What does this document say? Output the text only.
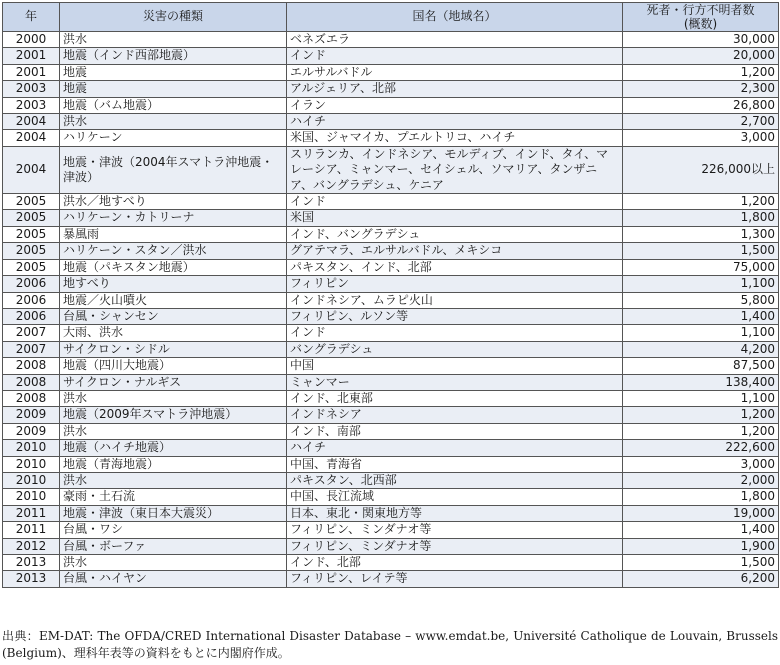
年	災害の種類	国名（地域名）	死者・行方不明者数
(概数)

2000	洪水	ベネズエラ	30,000
2001	地震（インド西部地震）	インド	20,000
2001	地震	エルサルバドル	1,200
2003	地震	アルジェリア、北部	2,300
2003	地震（バム地震）	イラン	26,800
2004	洪水	ハイチ	2,700
2004	ハリケーン	米国、ジャマイカ、プエルトリコ、ハイチ	3,000
2004	地震・津波（2004年スマトラ沖地震・津波）	スリランカ、インドネシア、モルディブ、インド、タイ、マレーシア、ミャンマー、セイシェル、ソマリア、タンザニア、バングラデシュ、ケニア	226,000以上
2005	洪水／地すべり	インド	1,200
2005	ハリケーン・カトリーナ	米国	1,800
2005	暴風雨	インド、バングラデシュ	1,300
2005	ハリケーン・スタン／洪水	グアテマラ、エルサルバドル、メキシコ	1,500
2005	地震（パキスタン地震）	パキスタン、インド、北部	75,000
2006	地すべり	フィリピン	1,100
2006	地震／火山噴火	インドネシア、ムラピ火山	5,800
2006	台風・シャンセン	フィリピン、ルソン等	1,400
2007	大雨、洪水	インド	1,100
2007	サイクロン・シドル	バングラデシュ	4,200
2008	地震（四川大地震）	中国	87,500
2008	サイクロン・ナルギス	ミャンマー	138,400
2008	洪水	インド、北東部	1,100
2009	地震（2009年スマトラ沖地震）	インドネシア	1,200
2009	洪水	インド、南部	1,200
2010	地震（ハイチ地震）	ハイチ	222,600
2010	地震（青海地震）	中国、青海省	3,000
2010	洪水	パキスタン、北西部	2,000
2010	豪雨・土石流	中国、長江流域	1,800
2011	地震・津波（東日本大震災）	日本、東北・関東地方等	19,000
2011	台風・ワシ	フィリピン、ミンダナオ等	1,400
2012	台風・ボーファ	フィリピン、ミンダナオ等	1,900
2013	洪水	インド、北部	1,500
2013	台風・ハイヤン	フィリピン、レイテ等	6,200
出典：EM-DAT: The OFDA/CRED International Disaster Database – www.emdat.be, Université Catholique de Louvain, Brussels (Belgium)、理科年表等の資料をもとに内閣府作成。
